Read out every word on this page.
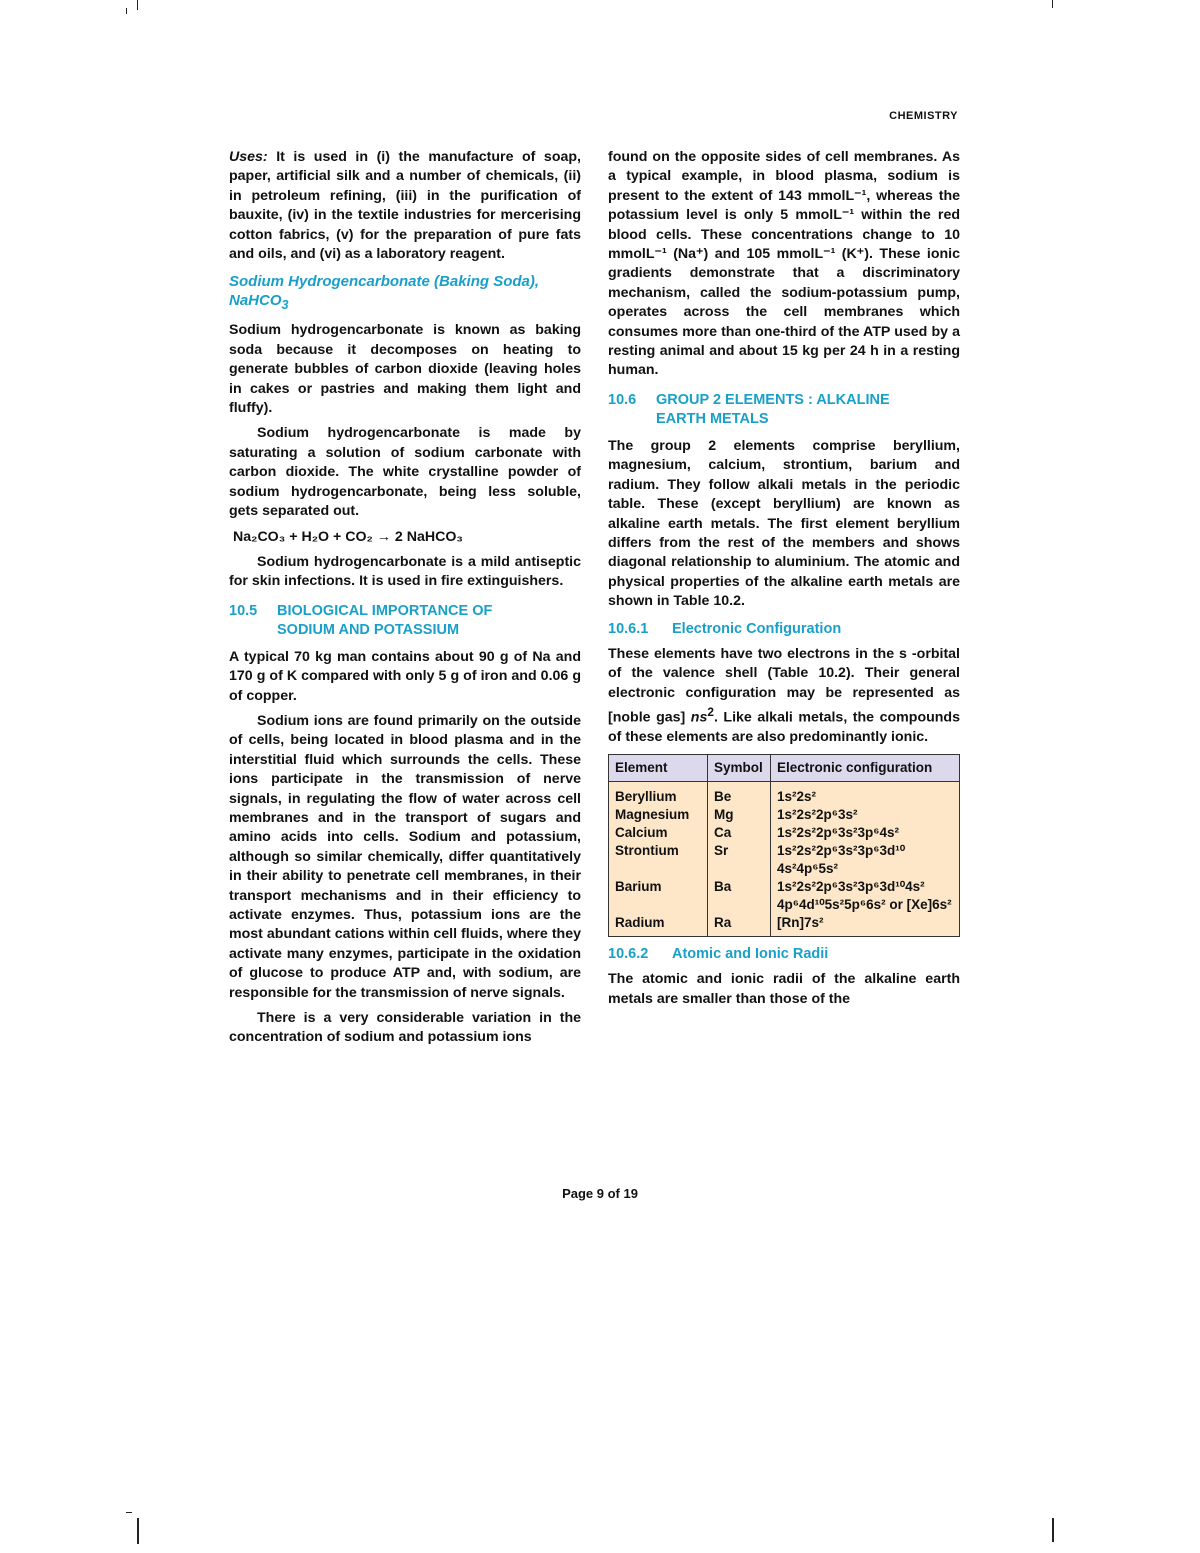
CHEMISTRY

Uses: It is used in (i) the manufacture of soap, paper, artificial silk and a number of chemicals, (ii) in petroleum refining, (iii) in the purification of bauxite, (iv) in the textile industries for mercerising cotton fabrics, (v) for the preparation of pure fats and oils, and (vi) as a laboratory reagent.

Sodium Hydrogencarbonate (Baking Soda), NaHCO$_3$

Sodium hydrogencarbonate is known as baking soda because it decomposes on heating to generate bubbles of carbon dioxide (leaving holes in cakes or pastries and making them light and fluffy).

Sodium hydrogencarbonate is made by saturating a solution of sodium carbonate with carbon dioxide. The white crystalline powder of sodium hydrogencarbonate, being less soluble, gets separated out.

Na₂CO₃ + H₂O + CO₂ → 2 NaHCO₃

Sodium hydrogencarbonate is a mild antiseptic for skin infections. It is used in fire extinguishers.

10.5 BIOLOGICAL IMPORTANCE OF
SODIUM AND POTASSIUM

A typical 70 kg man contains about 90 g of Na and 170 g of K compared with only 5 g of iron and 0.06 g of copper.

Sodium ions are found primarily on the outside of cells, being located in blood plasma and in the interstitial fluid which surrounds the cells. These ions participate in the transmission of nerve signals, in regulating the flow of water across cell membranes and in the transport of sugars and amino acids into cells. Sodium and potassium, although so similar chemically, differ quantitatively in their ability to penetrate cell membranes, in their transport mechanisms and in their efficiency to activate enzymes. Thus, potassium ions are the most abundant cations within cell fluids, where they activate many enzymes, participate in the oxidation of glucose to produce ATP and, with sodium, are responsible for the transmission of nerve signals.

There is a very considerable variation in the concentration of sodium and potassium ions

found on the opposite sides of cell membranes. As a typical example, in blood plasma, sodium is present to the extent of 143 mmolL⁻¹, whereas the potassium level is only 5 mmolL⁻¹ within the red blood cells. These concentrations change to 10 mmolL⁻¹ (Na⁺) and 105 mmolL⁻¹ (K⁺). These ionic gradients demonstrate that a discriminatory mechanism, called the sodium-potassium pump, operates across the cell membranes which consumes more than one-third of the ATP used by a resting animal and about 15 kg per 24 h in a resting human.

10.6 GROUP 2 ELEMENTS : ALKALINE
EARTH METALS

The group 2 elements comprise beryllium, magnesium, calcium, strontium, barium and radium. They follow alkali metals in the periodic table. These (except beryllium) are known as alkaline earth metals. The first element beryllium differs from the rest of the members and shows diagonal relationship to aluminium. The atomic and physical properties of the alkaline earth metals are shown in Table 10.2.

10.6.1 Electronic Configuration

These elements have two electrons in the s -orbital of the valence shell (Table 10.2). Their general electronic configuration may be represented as [noble gas] $ns^2$. Like alkali metals, the compounds of these elements are also predominantly ionic.

Element	Symbol	Electronic configuration
Beryllium	Be	1s²2s²
Magnesium	Mg	1s²2s²2p⁶3s²
Calcium	Ca	1s²2s²2p⁶3s²3p⁶4s²
Strontium	Sr	1s²2s²2p⁶3s²3p⁶3d¹⁰ 4s²4p⁶5s²
Barium	Ba	1s²2s²2p⁶3s²3p⁶3d¹⁰4s² 4p⁶4d¹⁰5s²5p⁶6s² or [Xe]6s²
Radium	Ra	[Rn]7s²
10.6.2 Atomic and Ionic Radii

The atomic and ionic radii of the alkaline earth metals are smaller than those of the

Page 9 of 19
